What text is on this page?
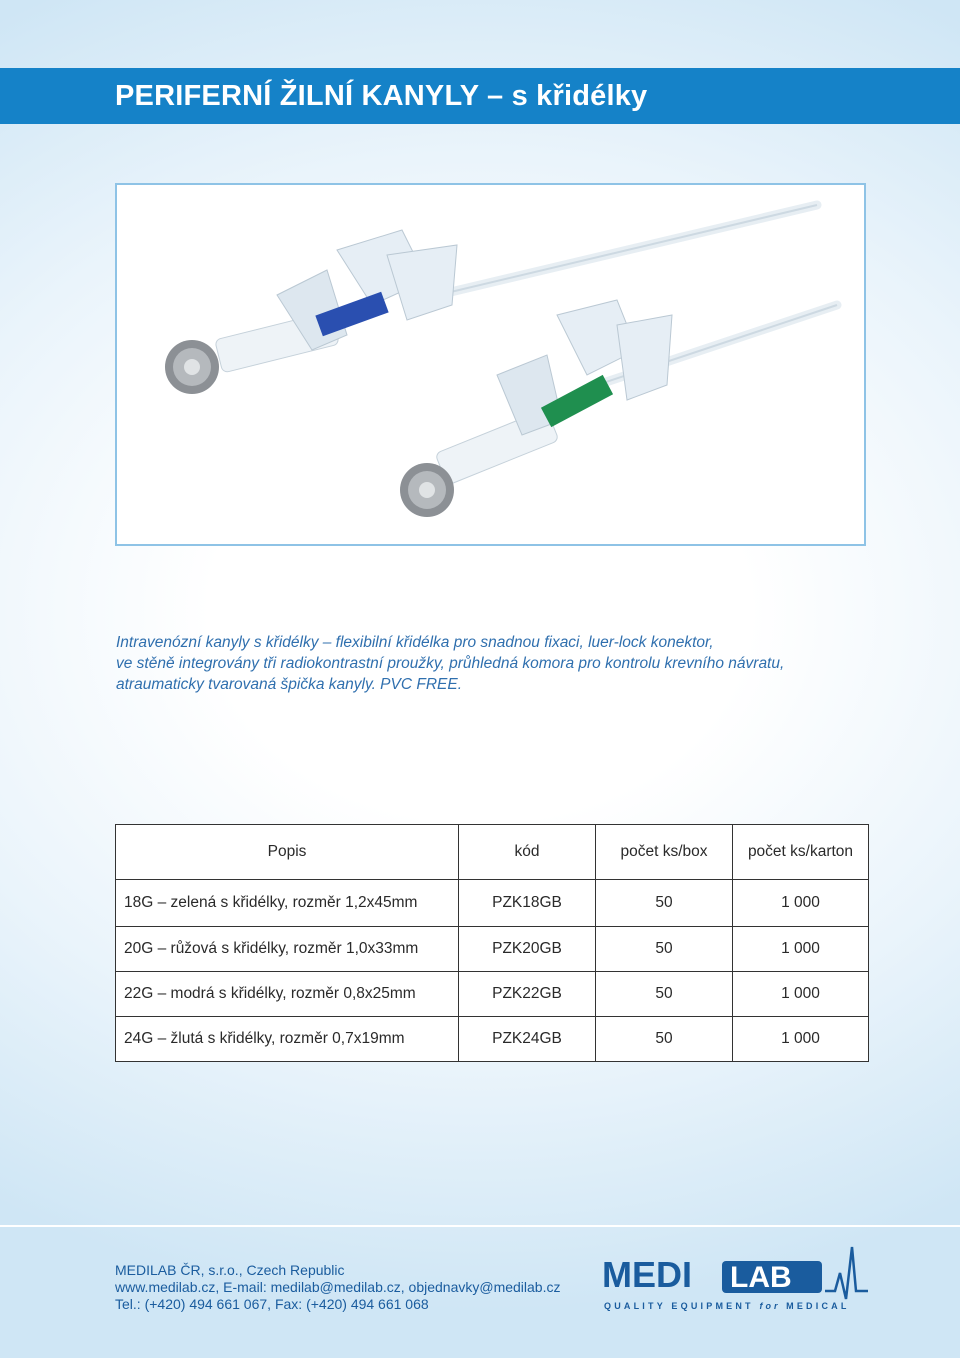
PERIFERNÍ ŽILNÍ KANYLY – s křidélky
Intravenózní kanyly s křidélky – flexibilní křidélka pro snadnou fixaci, luer-lock konektor,
ve stěně integrovány tři radiokontrastní proužky, průhledná komora pro kontrolu krevního návratu,
atraumaticky tvarovaná špička kanyly. PVC FREE.
Popis	kód	počet ks/box	počet ks/karton
18G – zelená s křidélky, rozměr 1,2x45mm	PZK18GB	50	1 000
20G – růžová s křidélky, rozměr 1,0x33mm	PZK20GB	50	1 000
22G – modrá s křidélky, rozměr 0,8x25mm	PZK22GB	50	1 000
24G – žlutá s křidélky, rozměr 0,7x19mm	PZK24GB	50	1 000
MEDILAB ČR, s.r.o., Czech Republic
www.medilab.cz, E-mail: medilab@medilab.cz, objednavky@medilab.cz
Tel.: (+420) 494 661 067, Fax: (+420) 494 661 068
MEDI LAB
QUALITY EQUIPMENT for MEDICAL
